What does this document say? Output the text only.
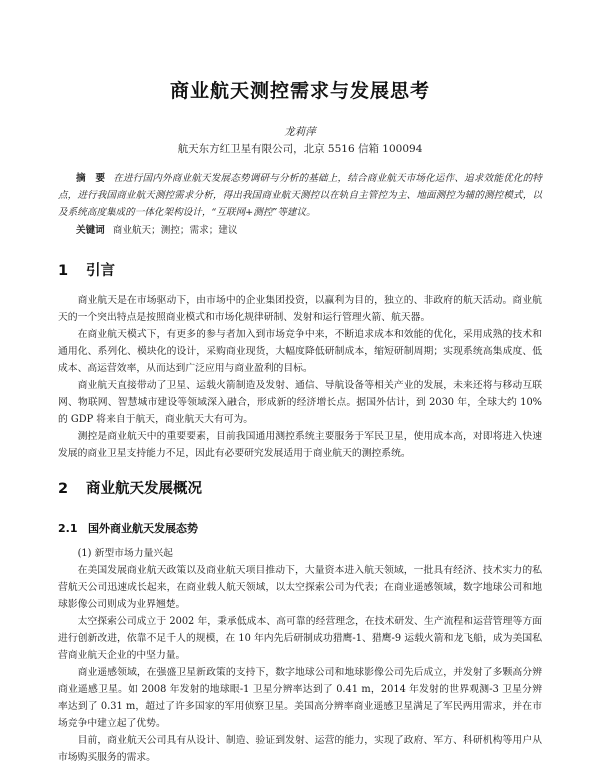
商业航天测控需求与发展思考
龙莉萍
航天东方红卫星有限公司，北京 5516 信箱 100094
摘　要 在进行国内外商业航天发展态势调研与分析的基础上，结合商业航天市场化运作、追求效能优化的特点，进行我国商业航天测控需求分析，得出我国商业航天测控以在轨自主管控为主、地面测控为辅的测控模式，以及系统高度集成的一体化架构设计，“互联网+测控”等建议。
关键词 商业航天；测控；需求；建议
1 引言
商业航天是在市场驱动下，由市场中的企业集团投资，以赢利为目的，独立的、非政府的航天活动。商业航天的一个突出特点是按照商业模式和市场化规律研制、发射和运行管理火箭、航天器。
在商业航天模式下，有更多的参与者加入到市场竞争中来，不断追求成本和效能的优化，采用成熟的技术和通用化、系列化、模块化的设计，采购商业现货，大幅度降低研制成本，缩短研制周期；实现系统高集成度、低成本、高运营效率，从而达到广泛应用与商业盈利的目标。
商业航天直接带动了卫星、运载火箭制造及发射、通信、导航设备等相关产业的发展，未来还将与移动互联网、物联网、智慧城市建设等领域深入融合，形成新的经济增长点。据国外估计，到 2030 年，全球大约 10%的 GDP 将来自于航天，商业航天大有可为。
测控是商业航天中的重要要素，目前我国通用测控系统主要服务于军民卫星，使用成本高，对即将进入快速发展的商业卫星支持能力不足，因此有必要研究发展适用于商业航天的测控系统。
2 商业航天发展概况
2.1 国外商业航天发展态势
(1) 新型市场力量兴起
在美国发展商业航天政策以及商业航天项目推动下，大量资本进入航天领域，一批具有经济、技术实力的私营航天公司迅速成长起来，在商业载人航天领域，以太空探索公司为代表；在商业遥感领域，数字地球公司和地球影像公司则成为业界翘楚。
太空探索公司成立于 2002 年，秉承低成本、高可靠的经营理念，在技术研发、生产流程和运营管理等方面进行创新改进，依靠不足千人的规模，在 10 年内先后研制成功猎鹰-1、猎鹰-9 运载火箭和龙飞船，成为美国私营商业航天企业的中坚力量。
商业遥感领域，在强盛卫星新政策的支持下，数字地球公司和地球影像公司先后成立，并发射了多颗高分辨商业遥感卫星。如 2008 年发射的地球眼-1 卫星分辨率达到了 0.41 m，2014 年发射的世界观测-3 卫星分辨率达到了 0.31 m，超过了许多国家的军用侦察卫星。美国高分辨率商业遥感卫星满足了军民两用需求，并在市场竞争中建立起了优势。
目前，商业航天公司具有从设计、制造、验证到发射、运营的能力，实现了政府、军方、科研机构等用户从市场购买服务的需求。
